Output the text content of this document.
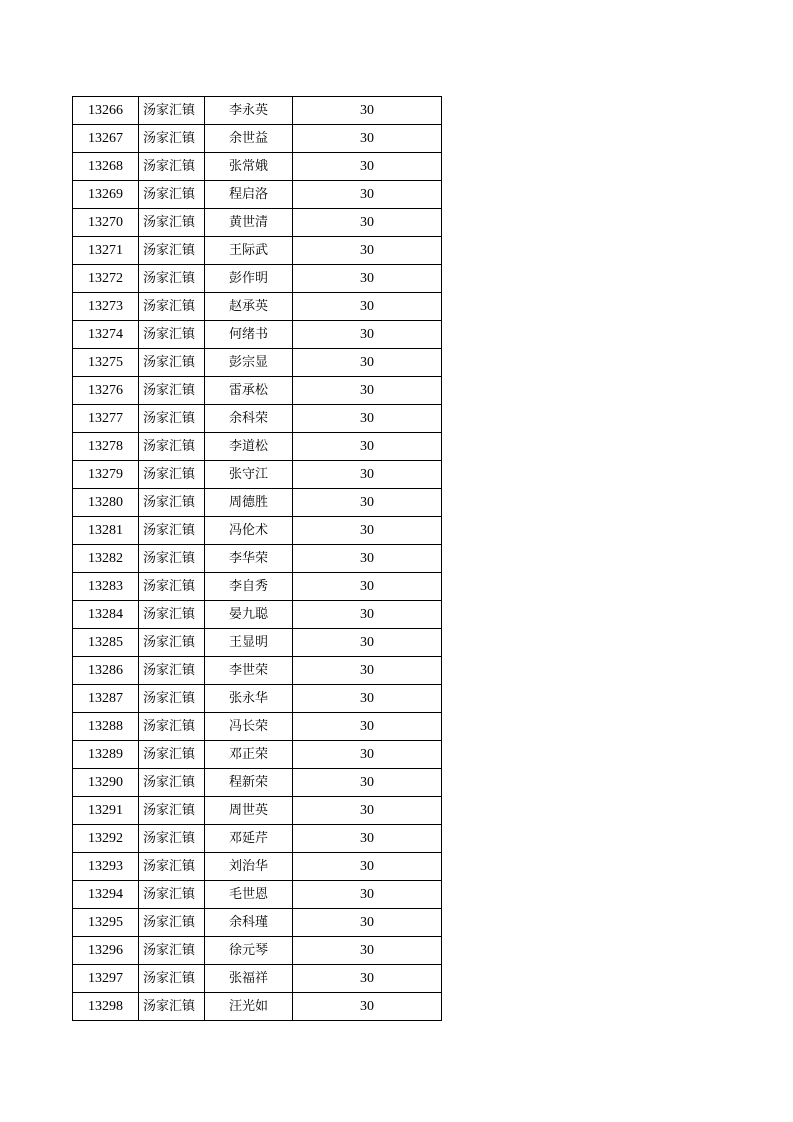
13266	汤家汇镇	李永英	30
13267	汤家汇镇	余世益	30
13268	汤家汇镇	张常娥	30
13269	汤家汇镇	程启洛	30
13270	汤家汇镇	黄世清	30
13271	汤家汇镇	王际武	30
13272	汤家汇镇	彭作明	30
13273	汤家汇镇	赵承英	30
13274	汤家汇镇	何绪书	30
13275	汤家汇镇	彭宗显	30
13276	汤家汇镇	雷承松	30
13277	汤家汇镇	余科荣	30
13278	汤家汇镇	李道松	30
13279	汤家汇镇	张守江	30
13280	汤家汇镇	周德胜	30
13281	汤家汇镇	冯伦术	30
13282	汤家汇镇	李华荣	30
13283	汤家汇镇	李自秀	30
13284	汤家汇镇	晏九聪	30
13285	汤家汇镇	王显明	30
13286	汤家汇镇	李世荣	30
13287	汤家汇镇	张永华	30
13288	汤家汇镇	冯长荣	30
13289	汤家汇镇	邓正荣	30
13290	汤家汇镇	程新荣	30
13291	汤家汇镇	周世英	30
13292	汤家汇镇	邓延芹	30
13293	汤家汇镇	刘治华	30
13294	汤家汇镇	毛世恩	30
13295	汤家汇镇	余科瑾	30
13296	汤家汇镇	徐元琴	30
13297	汤家汇镇	张福祥	30
13298	汤家汇镇	汪光如	30
